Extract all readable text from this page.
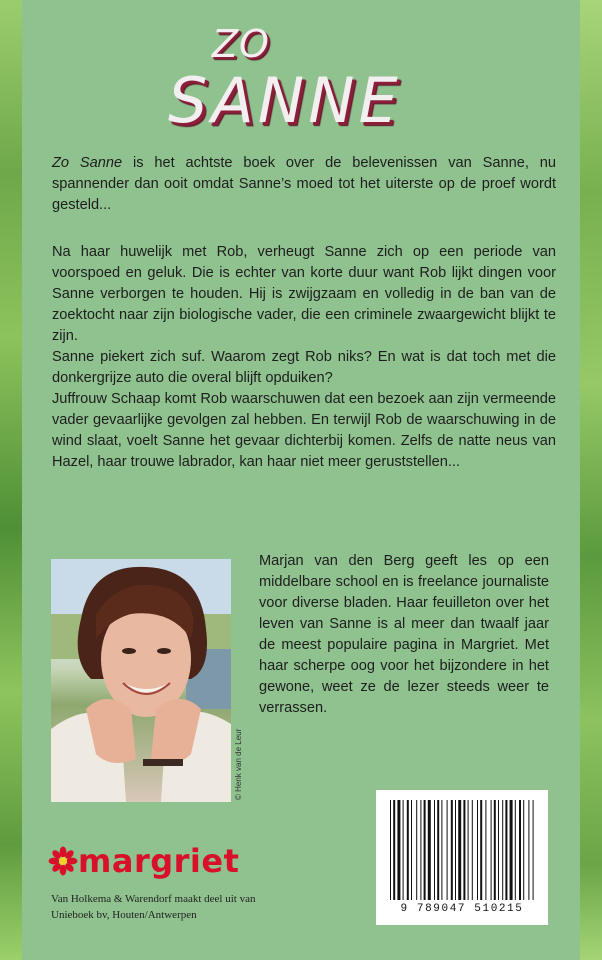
ZO
SANNE

Zo Sanne is het achtste boek over de belevenissen van Sanne, nu spannender dan ooit omdat Sanne’s moed tot het uiterste op de proef wordt gesteld...

Na haar huwelijk met Rob, verheugt Sanne zich op een periode van voorspoed en geluk. Die is echter van korte duur want Rob lijkt dingen voor Sanne verborgen te houden. Hij is zwijgzaam en volledig in de ban van de zoektocht naar zijn biologische vader, die een criminele zwaargewicht blijkt te zijn.

Sanne piekert zich suf. Waarom zegt Rob niks? En wat is dat toch met die donkergrijze auto die overal blijft opduiken?

Juffrouw Schaap komt Rob waarschuwen dat een bezoek aan zijn vermeende vader gevaarlijke gevolgen zal hebben. En terwijl Rob de waarschuwing in de wind slaat, voelt Sanne het gevaar dichterbij komen. Zelfs de natte neus van Hazel, haar trouwe labrador, kan haar niet meer geruststellen...

© Henk van de Leur
Marjan van den Berg geeft les op een middelbare school en is freelance journaliste voor diverse bladen. Haar feuilleton over het leven van Sanne is al meer dan twaalf jaar de meest populaire pagina in Margriet. Met haar scherpe oog voor het bijzondere in het gewone, weet ze de lezer steeds weer te verrassen.
margriet
Van Holkema & Warendorf maakt deel uit van
Unieboek bv, Houten/Antwerpen	9 789047 510215
